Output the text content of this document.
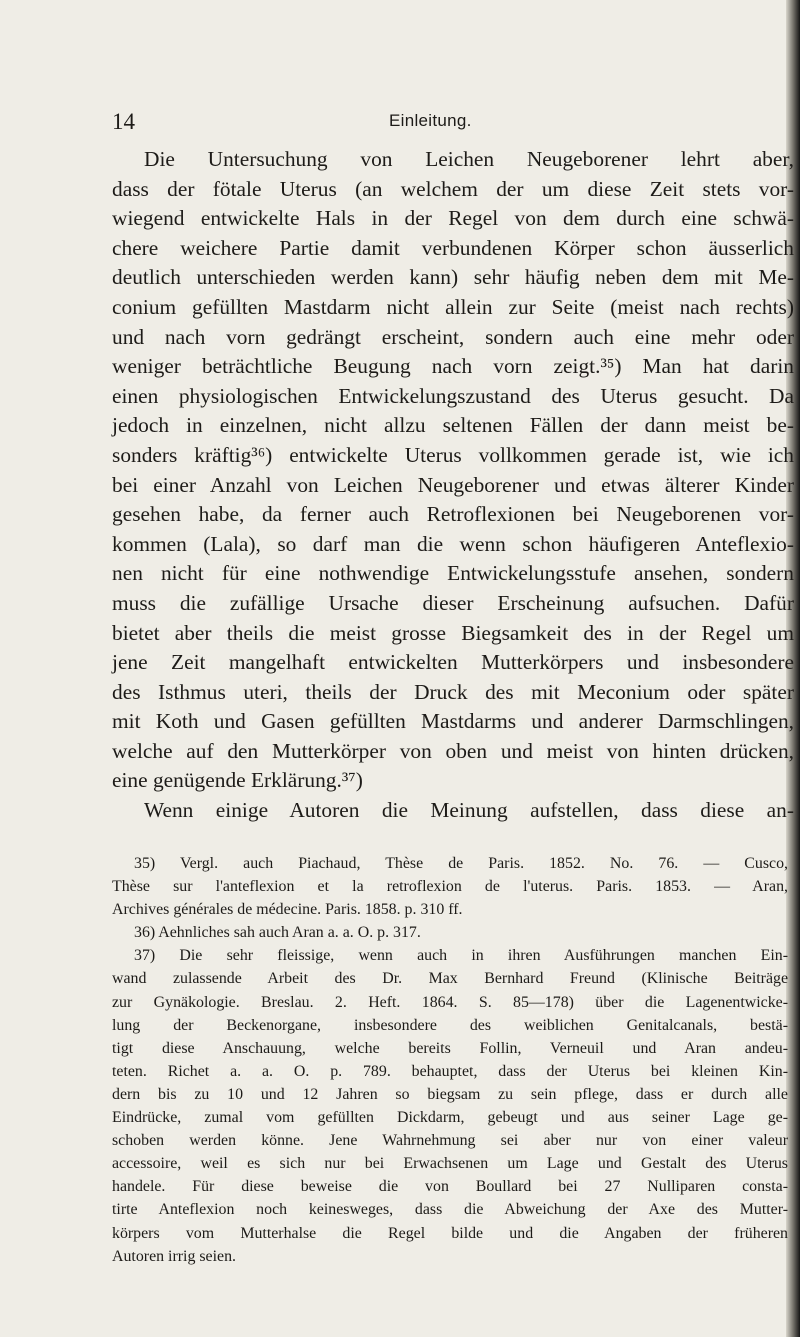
14	Einleitung.
Die Untersuchung von Leichen Neugeborener lehrt aber,
dass der fötale Uterus (an welchem der um diese Zeit stets vor-
wiegend entwickelte Hals in der Regel von dem durch eine schwä-
chere weichere Partie damit verbundenen Körper schon äusserlich
deutlich unterschieden werden kann) sehr häufig neben dem mit Me-
conium gefüllten Mastdarm nicht allein zur Seite (meist nach rechts)
und nach vorn gedrängt erscheint, sondern auch eine mehr oder
weniger beträchtliche Beugung nach vorn zeigt.³⁵) Man hat darin
einen physiologischen Entwickelungszustand des Uterus gesucht. Da
jedoch in einzelnen, nicht allzu seltenen Fällen der dann meist be-
sonders kräftig³⁶) entwickelte Uterus vollkommen gerade ist, wie ich
bei einer Anzahl von Leichen Neugeborener und etwas älterer Kinder
gesehen habe, da ferner auch Retroflexionen bei Neugeborenen vor-
kommen (Lala), so darf man die wenn schon häufigeren Anteflexio-
nen nicht für eine nothwendige Entwickelungsstufe ansehen, sondern
muss die zufällige Ursache dieser Erscheinung aufsuchen. Dafür
bietet aber theils die meist grosse Biegsamkeit des in der Regel um
jene Zeit mangelhaft entwickelten Mutterkörpers und insbesondere
des Isthmus uteri, theils der Druck des mit Meconium oder später
mit Koth und Gasen gefüllten Mastdarms und anderer Darmschlingen,
welche auf den Mutterkörper von oben und meist von hinten drücken,
eine genügende Erklärung.³⁷)
Wenn einige Autoren die Meinung aufstellen, dass diese an-
35) Vergl. auch Piachaud, Thèse de Paris. 1852. No. 76. — Cusco,
Thèse sur l'anteflexion et la retroflexion de l'uterus. Paris. 1853. — Aran,
Archives générales de médecine. Paris. 1858. p. 310 ff.
36) Aehnliches sah auch Aran a. a. O. p. 317.
37) Die sehr fleissige, wenn auch in ihren Ausführungen manchen Ein-
wand zulassende Arbeit des Dr. Max Bernhard Freund (Klinische Beiträge
zur Gynäkologie. Breslau. 2. Heft. 1864. S. 85—178) über die Lagenentwicke-
lung der Beckenorgane, insbesondere des weiblichen Genitalcanals, bestä-
tigt diese Anschauung, welche bereits Follin, Verneuil und Aran andeu-
teten. Richet a. a. O. p. 789. behauptet, dass der Uterus bei kleinen Kin-
dern bis zu 10 und 12 Jahren so biegsam zu sein pflege, dass er durch alle
Eindrücke, zumal vom gefüllten Dickdarm, gebeugt und aus seiner Lage ge-
schoben werden könne. Jene Wahrnehmung sei aber nur von einer valeur
accessoire, weil es sich nur bei Erwachsenen um Lage und Gestalt des Uterus
handele. Für diese beweise die von Boullard bei 27 Nulliparen consta-
tirte Anteflexion noch keinesweges, dass die Abweichung der Axe des Mutter-
körpers vom Mutterhalse die Regel bilde und die Angaben der früheren
Autoren irrig seien.
